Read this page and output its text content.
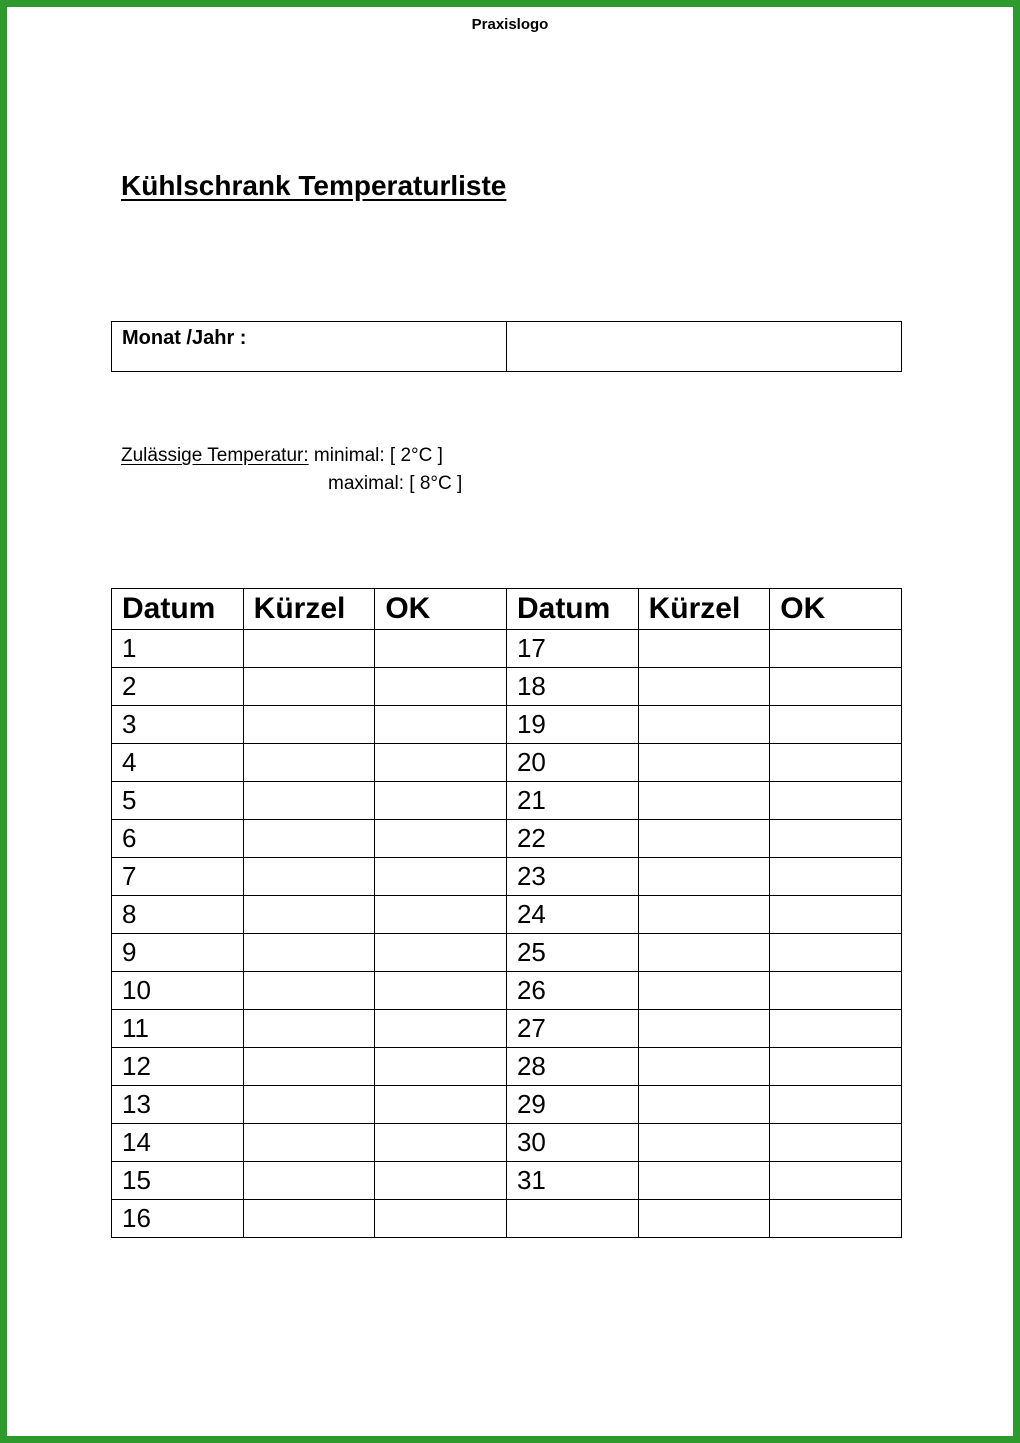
Praxislogo
Kühlschrank Temperaturliste
Monat /Jahr :	
Zulässige Temperatur: minimal: [ 2°C ]
maximal: [ 8°C ]
Datum	Kürzel	OK	Datum	Kürzel	OK
1			17		
2			18		
3			19		
4			20		
5			21		
6			22		
7			23		
8			24		
9			25		
10			26		
11			27		
12			28		
13			29		
14			30		
15			31		
16					
